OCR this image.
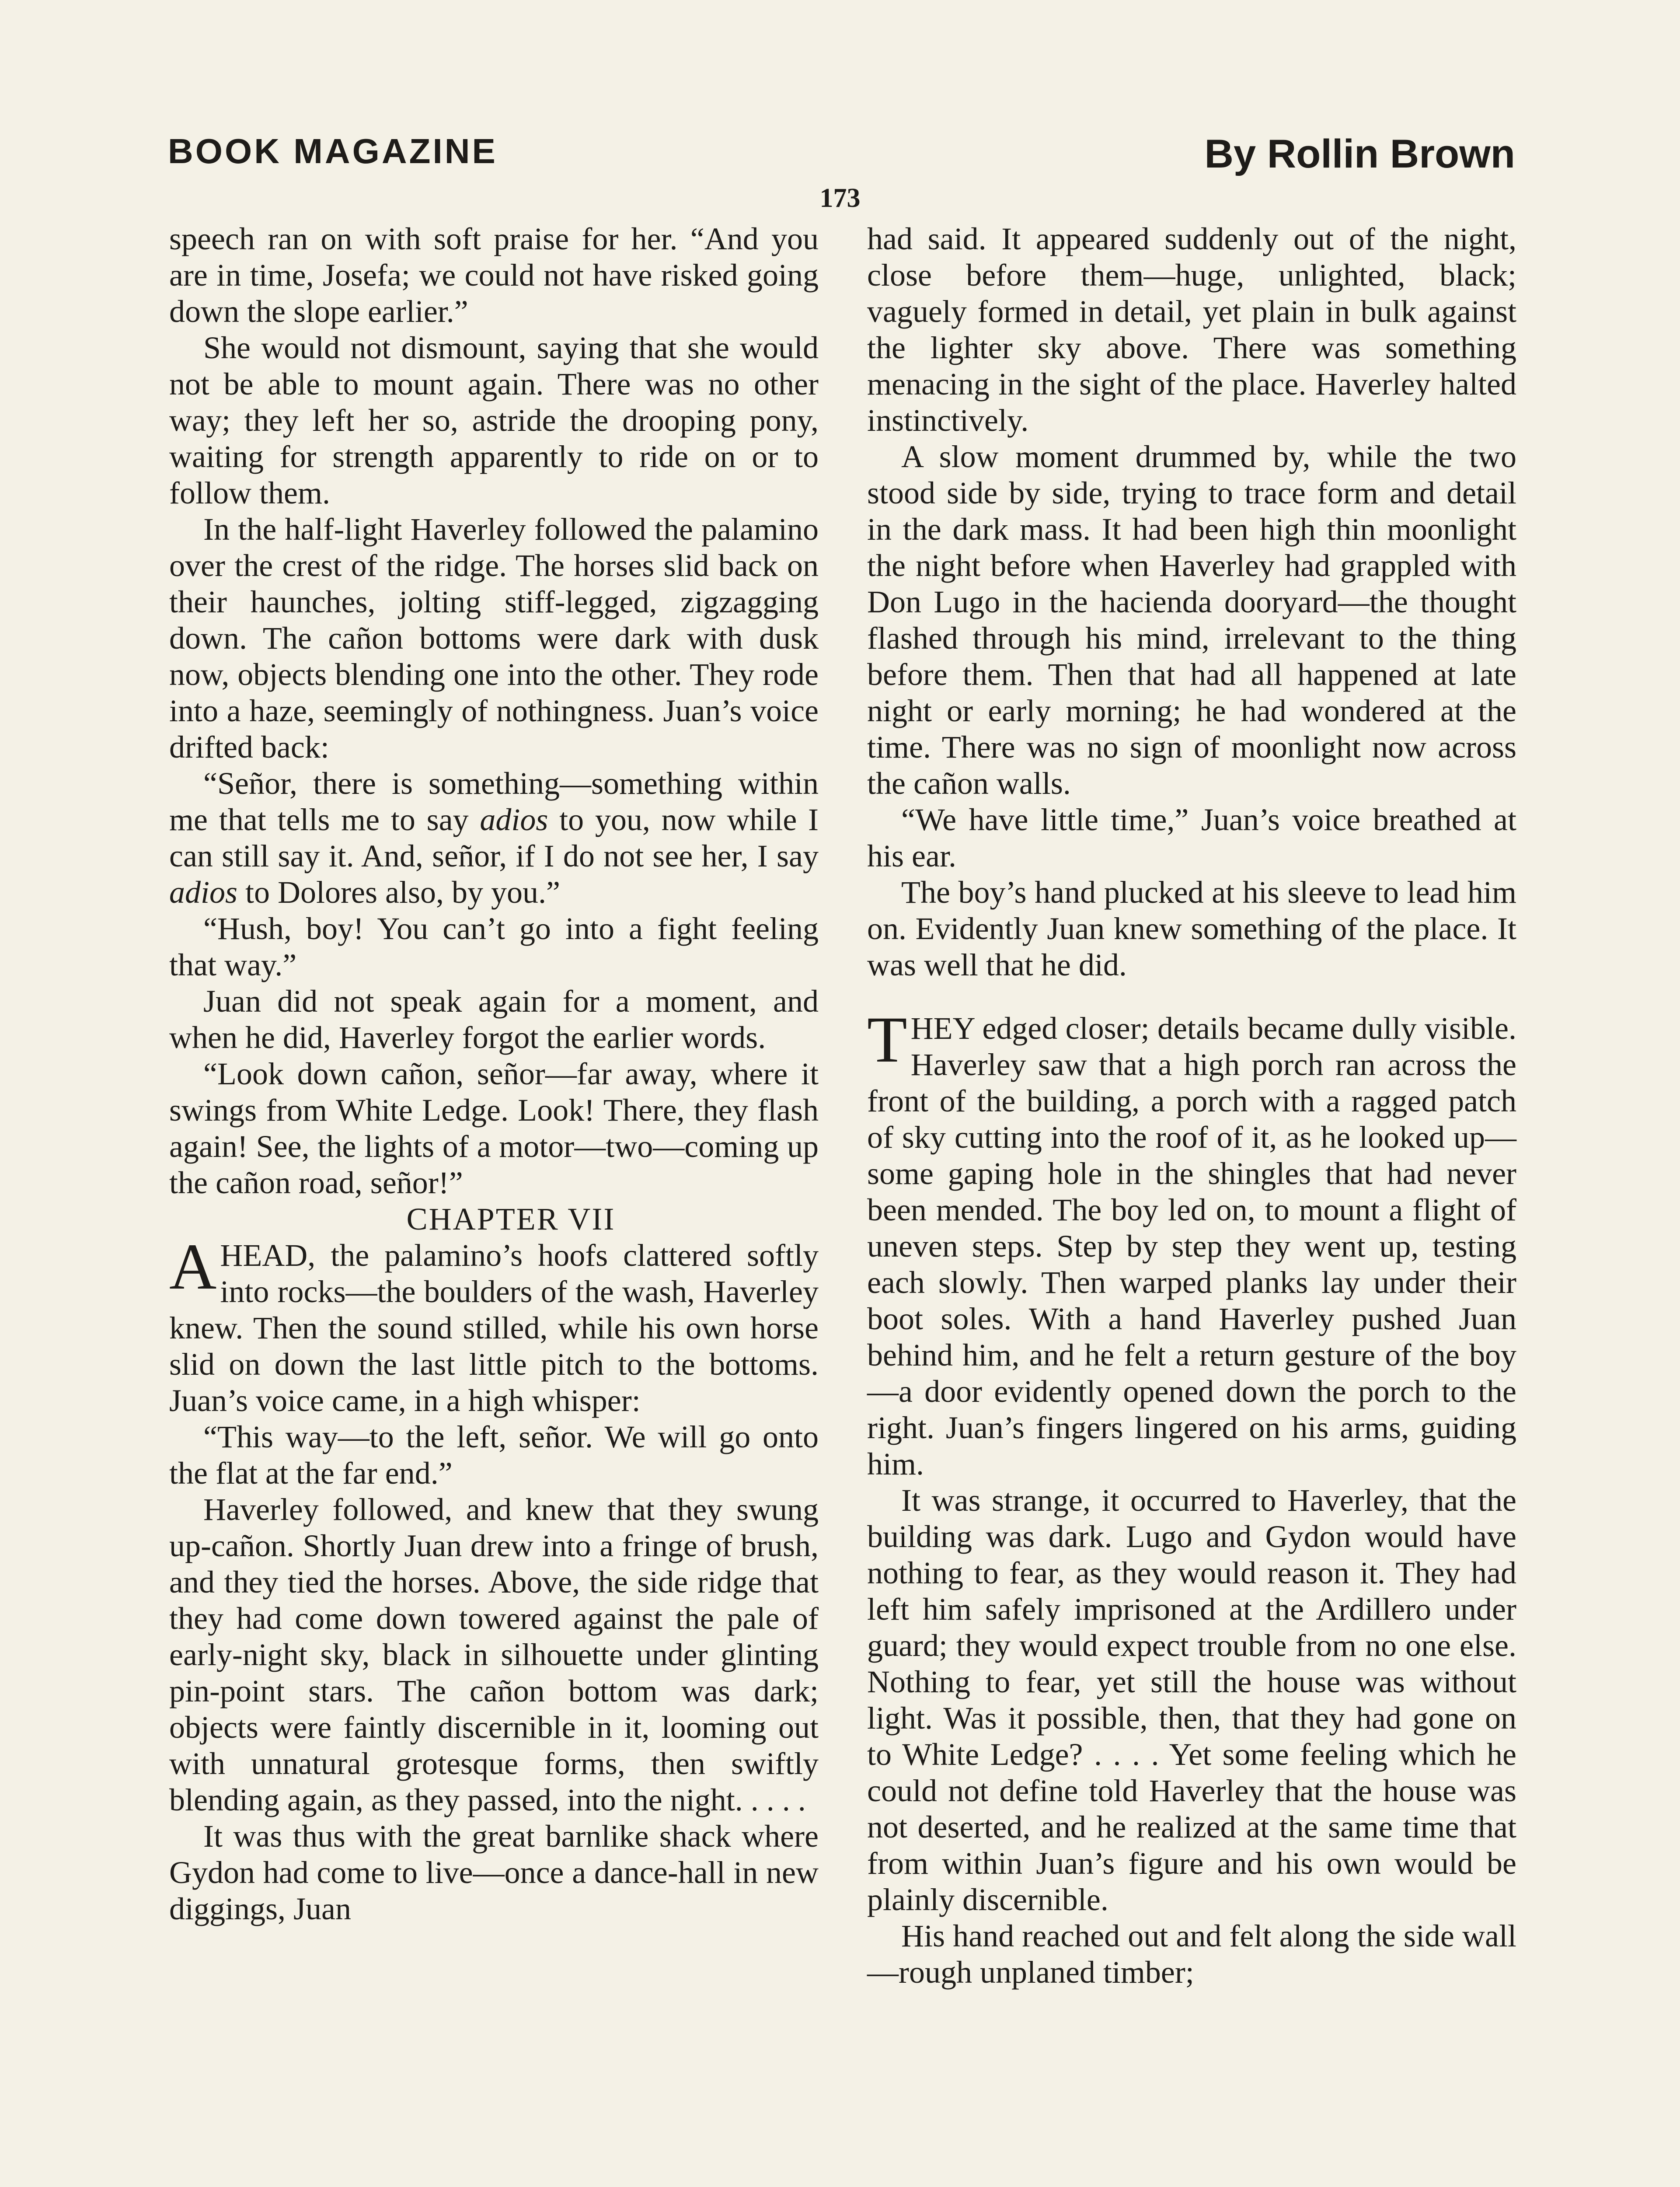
BOOK MAGAZINE	By Rollin Brown
173

speech ran on with soft praise for her. “And you are in time, Josefa; we could not have risked going down the slope earlier.”

She would not dismount, saying that she would not be able to mount again. There was no other way; they left her so, astride the drooping pony, waiting for strength apparently to ride on or to follow them.

In the half-light Haverley followed the palamino over the crest of the ridge. The horses slid back on their haunches, jolting stiff-legged, zigzagging down. The cañon bottoms were dark with dusk now, objects blending one into the other. They rode into a haze, seemingly of nothingness. Juan’s voice drifted back:

“Señor, there is something—something within me that tells me to say adios to you, now while I can still say it. And, señor, if I do not see her, I say adios to Dolores also, by you.”

“Hush, boy! You can’t go into a fight feeling that way.”

Juan did not speak again for a moment, and when he did, Haverley forgot the earlier words.

“Look down cañon, señor—far away, where it swings from White Ledge. Look! There, they flash again! See, the lights of a motor—two—coming up the cañon road, señor!”

CHAPTER VII

AHEAD, the palamino’s hoofs clattered softly into rocks—the boulders of the wash, Haverley knew. Then the sound stilled, while his own horse slid on down the last little pitch to the bottoms. Juan’s voice came, in a high whisper:

“This way—to the left, señor. We will go onto the flat at the far end.”

Haverley followed, and knew that they swung up-cañon. Shortly Juan drew into a fringe of brush, and they tied the horses. Above, the side ridge that they had come down towered against the pale of early-night sky, black in silhouette under glinting pin-point stars. The cañon bottom was dark; objects were faintly discernible in it, looming out with unnatural grotesque forms, then swiftly blending again, as they passed, into the night. . . . .

It was thus with the great barnlike shack where Gydon had come to live—once a dance-hall in new diggings, Juan

had said. It appeared suddenly out of the night, close before them—huge, unlighted, black; vaguely formed in detail, yet plain in bulk against the lighter sky above. There was something menacing in the sight of the place. Haverley halted instinctively.

A slow moment drummed by, while the two stood side by side, trying to trace form and detail in the dark mass. It had been high thin moonlight the night before when Haverley had grappled with Don Lugo in the hacienda dooryard—the thought flashed through his mind, irrelevant to the thing before them. Then that had all happened at late night or early morning; he had wondered at the time. There was no sign of moonlight now across the cañon walls.

“We have little time,” Juan’s voice breathed at his ear.

The boy’s hand plucked at his sleeve to lead him on. Evidently Juan knew something of the place. It was well that he did.

THEY edged closer; details became dully visible. Haverley saw that a high porch ran across the front of the building, a porch with a ragged patch of sky cutting into the roof of it, as he looked up—some gaping hole in the shingles that had never been mended. The boy led on, to mount a flight of uneven steps. Step by step they went up, testing each slowly. Then warped planks lay under their boot soles. With a hand Haverley pushed Juan behind him, and he felt a return gesture of the boy—a door evidently opened down the porch to the right. Juan’s fingers lingered on his arms, guiding him.

It was strange, it occurred to Haverley, that the building was dark. Lugo and Gydon would have nothing to fear, as they would reason it. They had left him safely imprisoned at the Ardillero under guard; they would expect trouble from no one else. Nothing to fear, yet still the house was without light. Was it possible, then, that they had gone on to White Ledge? . . . . Yet some feeling which he could not define told Haverley that the house was not deserted, and he realized at the same time that from within Juan’s figure and his own would be plainly discernible.

His hand reached out and felt along the side wall—rough unplaned timber;
